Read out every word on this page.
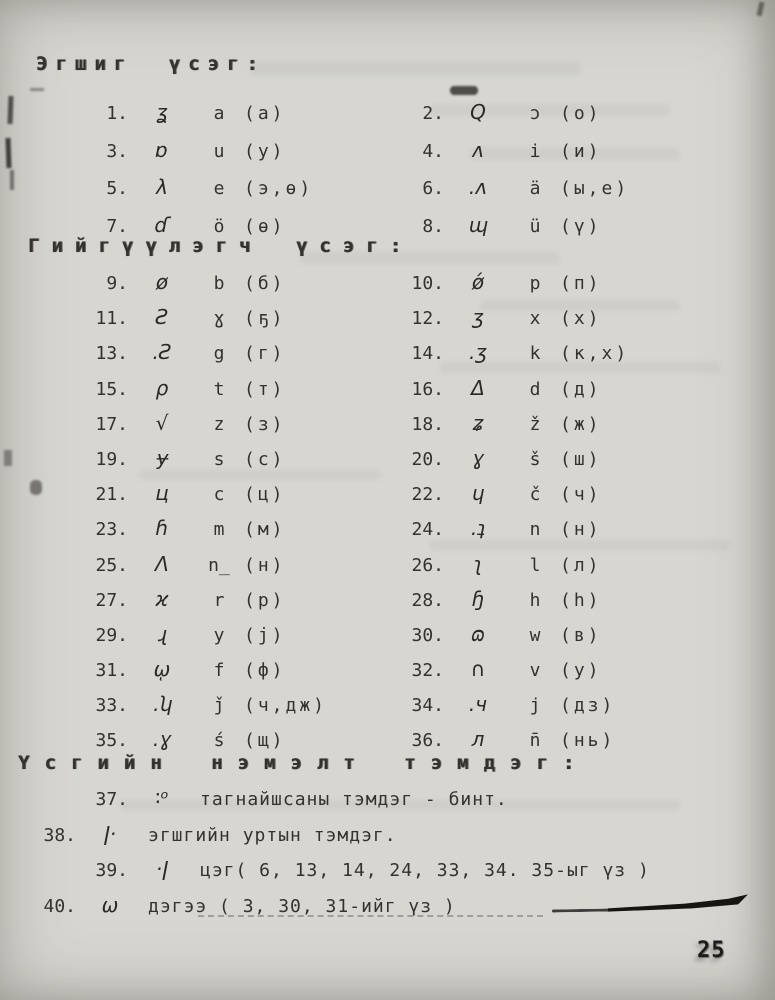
Эгшиг үсэг:
1.	ʓ	a	(а)	2.	Q	ɔ	(о)
3.	ɒ	u	(у)	4.	ʌ	i	(и)
5.	λ	e	(э,ө)	6.	.ʌ	ä	(ы,е)
7.	ɗ	ö	(ө)	8.	ɰ	ü	(ү)
Гийгүүлэгч үсэг:
9.	ø	b	(б)	10.	ǿ	p	(п)
11.	Ƨ	ɣ	(ҕ)	12.	ʒ	x	(х)
13.	.Ƨ	g	(г)	14.	.ʒ	k	(к,х)
15.	ρ	t	(т)	16.	Δ	d	(д)
17.	√	z	(з)	18.	ʑ	ž	(ж)
19.	ɏ	s	(с)	20.	ɣ	š	(ш)
21.	ц	c	(ц)	22.	ɥ	č	(ч)
23.	ɦ	m	(м)	24.	.ʇ	n	(н)
25.	Λ	n̲ (н)	26.	ʅ	l	(л)
27.	ϰ	r	(р)	28.	ɧ	h	(h)
29.	ɻ	y	(ј)	30.	ɷ	w	(в)
31.	ῳ	f	(ф)	32.	∩	v	(у)
33.	.ʮ	ǰ	(ч,дж)	34.	.ч	j	(дз)
35.	.ɣ	ś	(щ)	36.	л	n̄	(нь)
Үсгийн нэмэлт тэмдэг:
37.	∶ᵒ	тагнайшсаны тэмдэг - бинт.
38.	ǀ·	эгшгийн уртын тэмдэг.
39.	·ǀ	цэг( 6, 13, 14, 24, 33, 34. 35-ыг үз )
40.	ω	дэгээ ( 3, 30, 31-ийг үз )
25
